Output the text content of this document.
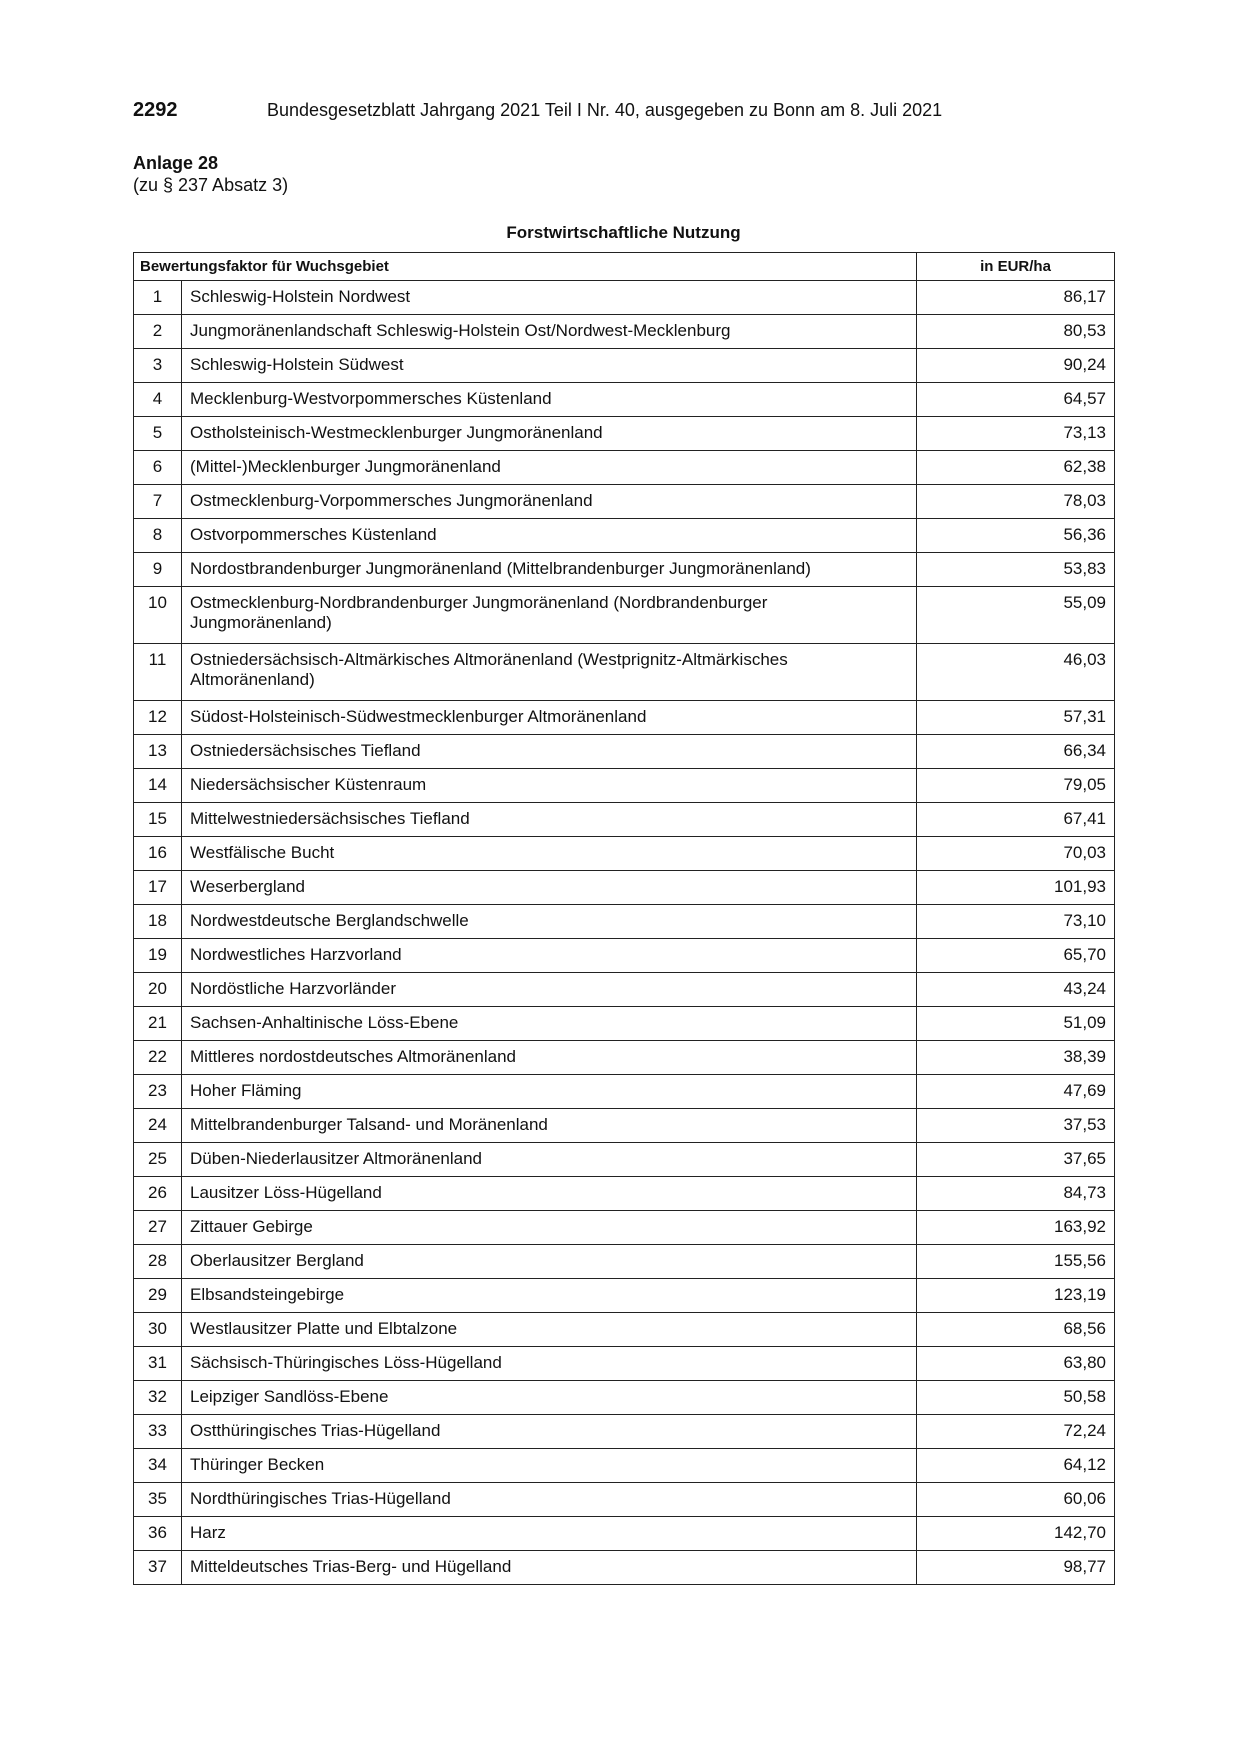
2292	Bundesgesetzblatt Jahrgang 2021 Teil I Nr. 40, ausgegeben zu Bonn am 8. Juli 2021
Anlage 28
(zu § 237 Absatz 3)
Forstwirtschaftliche Nutzung
Bewertungsfaktor für Wuchsgebiet		in EUR/ha
1	Schleswig-Holstein Nordwest	86,17
2	Jungmoränenlandschaft Schleswig-Holstein Ost/Nordwest-Mecklenburg	80,53
3	Schleswig-Holstein Südwest	90,24
4	Mecklenburg-Westvorpommersches Küstenland	64,57
5	Ostholsteinisch-Westmecklenburger Jungmoränenland	73,13
6	(Mittel-)Mecklenburger Jungmoränenland	62,38
7	Ostmecklenburg-Vorpommersches Jungmoränenland	78,03
8	Ostvorpommersches Küstenland	56,36
9	Nordostbrandenburger Jungmoränenland (Mittelbrandenburger Jungmoränenland)	53,83
10	Ostmecklenburg-Nordbrandenburger Jungmoränenland (Nordbrandenburger Jungmoränenland)	55,09
11	Ostniedersächsisch-Altmärkisches Altmoränenland (Westprignitz-Altmärkisches Altmoränenland)	46,03
12	Südost-Holsteinisch-Südwestmecklenburger Altmoränenland	57,31
13	Ostniedersächsisches Tiefland	66,34
14	Niedersächsischer Küstenraum	79,05
15	Mittelwestniedersächsisches Tiefland	67,41
16	Westfälische Bucht	70,03
17	Weserbergland	101,93
18	Nordwestdeutsche Berglandschwelle	73,10
19	Nordwestliches Harzvorland	65,70
20	Nordöstliche Harzvorländer	43,24
21	Sachsen-Anhaltinische Löss-Ebene	51,09
22	Mittleres nordostdeutsches Altmoränenland	38,39
23	Hoher Fläming	47,69
24	Mittelbrandenburger Talsand- und Moränenland	37,53
25	Düben-Niederlausitzer Altmoränenland	37,65
26	Lausitzer Löss-Hügelland	84,73
27	Zittauer Gebirge	163,92
28	Oberlausitzer Bergland	155,56
29	Elbsandsteingebirge	123,19
30	Westlausitzer Platte und Elbtalzone	68,56
31	Sächsisch-Thüringisches Löss-Hügelland	63,80
32	Leipziger Sandlöss-Ebene	50,58
33	Ostthüringisches Trias-Hügelland	72,24
34	Thüringer Becken	64,12
35	Nordthüringisches Trias-Hügelland	60,06
36	Harz	142,70
37	Mitteldeutsches Trias-Berg- und Hügelland	98,77
